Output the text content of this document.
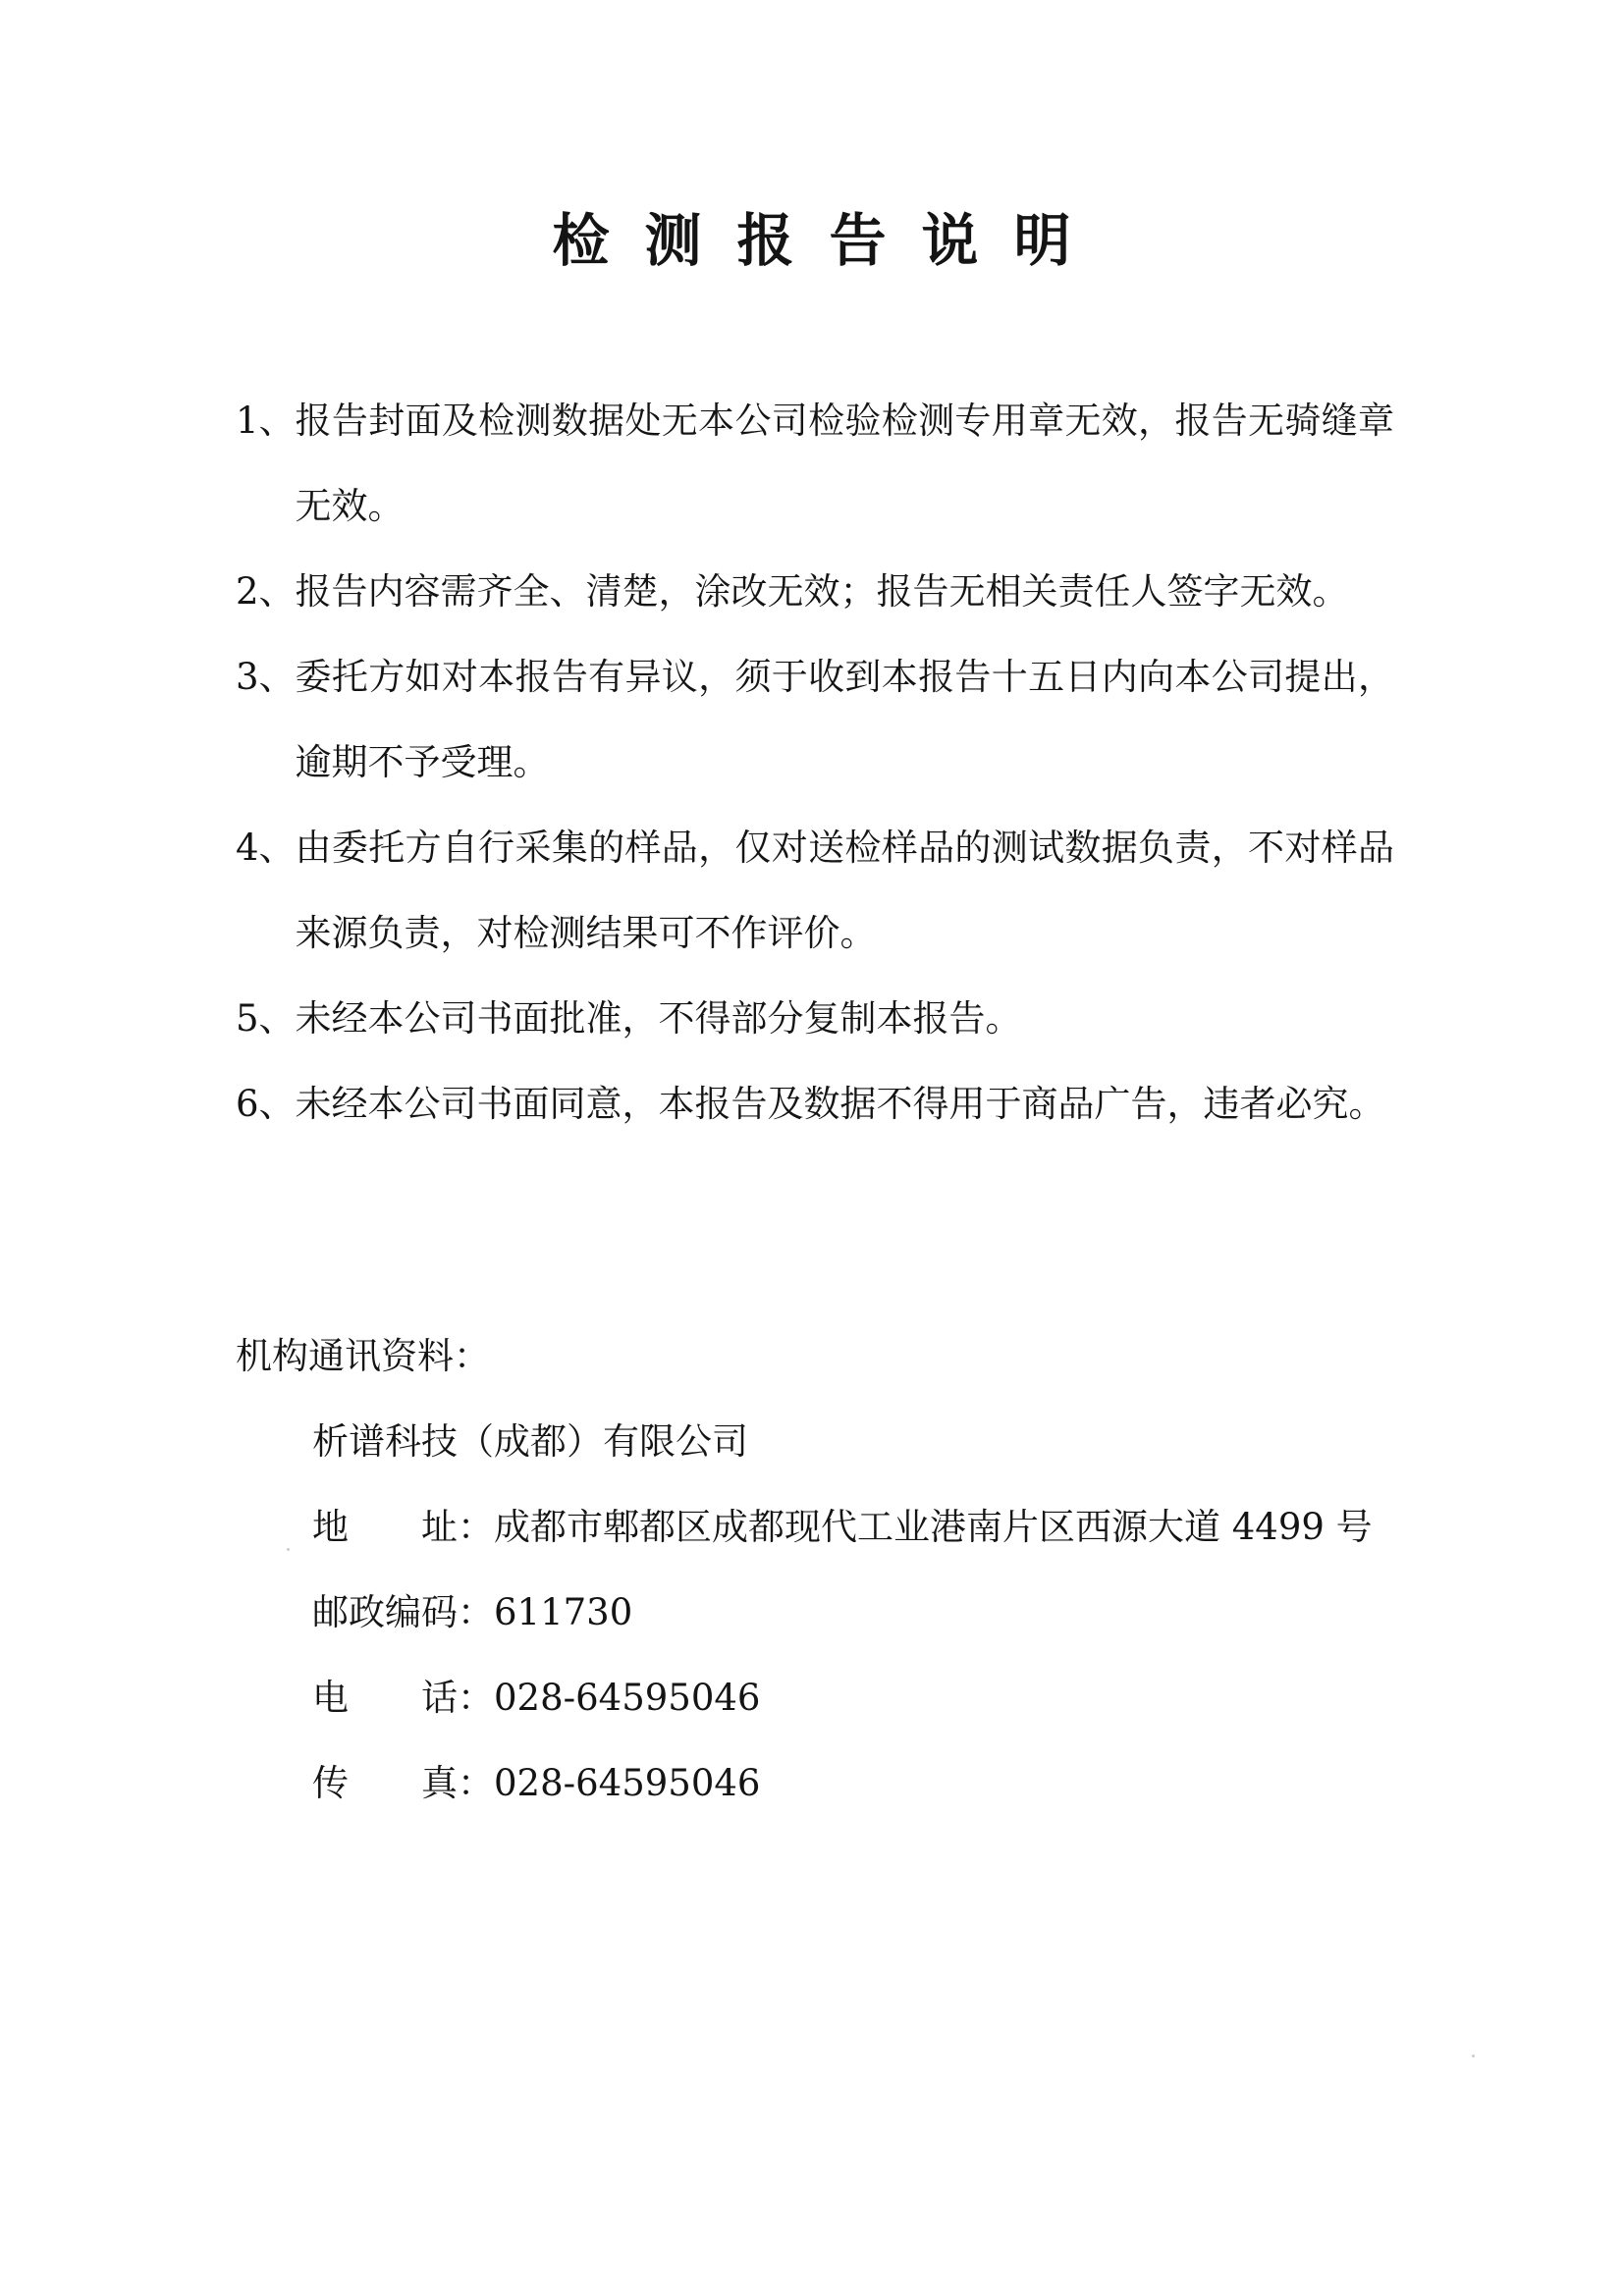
检测报告说明
1、 报告封面及检测数据处无本公司检验检测专用章无效，报告无骑缝章无效。
2、 报告内容需齐全、清楚，涂改无效；报告无相关责任人签字无效。
3、 委托方如对本报告有异议，须于收到本报告十五日内向本公司提出，逾期不予受理。
4、 由委托方自行采集的样品，仅对送检样品的测试数据负责，不对样品来源负责，对检测结果可不作评价。
5、 未经本公司书面批准，不得部分复制本报告。
6、 未经本公司书面同意，本报告及数据不得用于商品广告，违者必究。
机构通讯资料：
析谱科技（成都）有限公司
地 址 ： 成都市郫都区成都现代工业港南片区西源大道 4499 号
邮政编码 ： 611730
电 话 ： 028-64595046
传 真 ： 028-64595046
